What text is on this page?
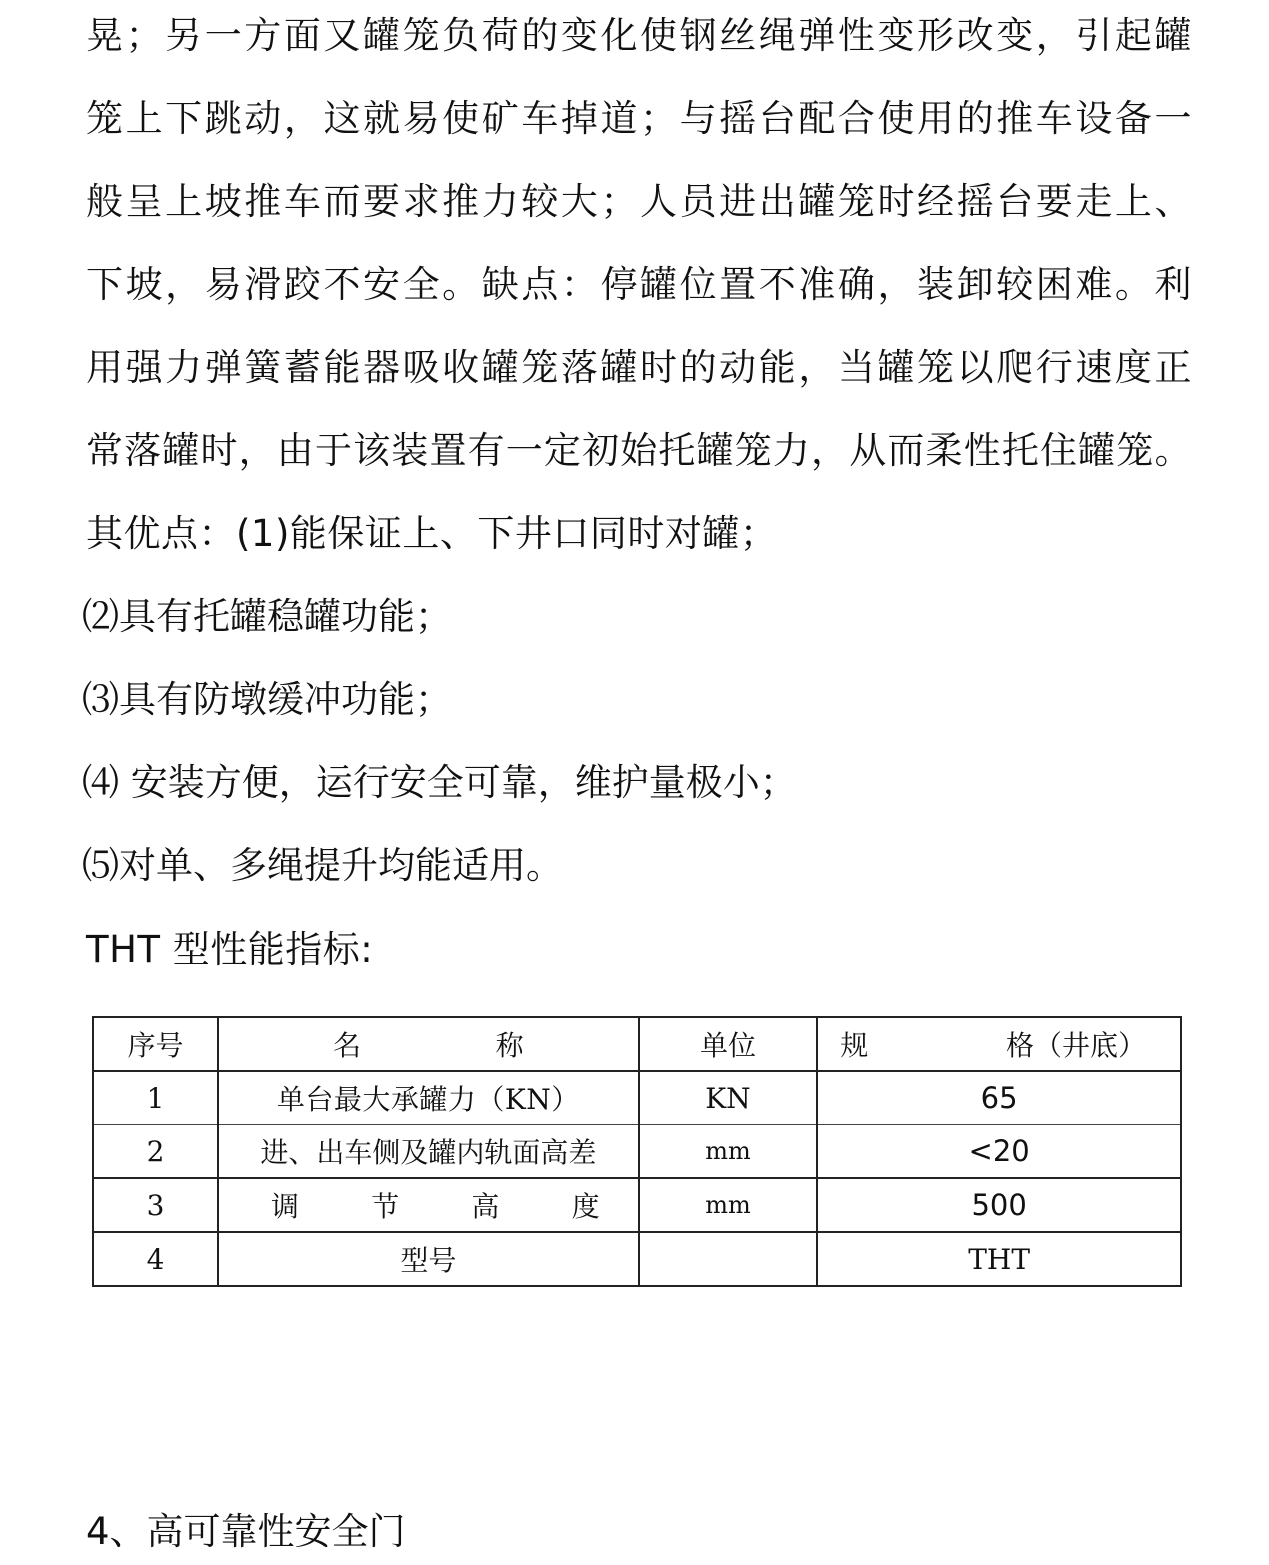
晃；另一方面又罐笼负荷的变化使钢丝绳弹性变形改变，引起罐
笼上下跳动，这就易使矿车掉道；与摇台配合使用的推车设备一
般呈上坡推车而要求推力较大；人员进出罐笼时经摇台要走上、
下坡，易滑跤不安全。缺点：停罐位置不准确，装卸较困难。利
用强力弹簧蓄能器吸收罐笼落罐时的动能，当罐笼以爬行速度正
常落罐时，由于该装置有一定初始托罐笼力，从而柔性托住罐笼。
其优点：(1)能保证上、下井口同时对罐；
⑵具有托罐稳罐功能；
⑶具有防墩缓冲功能；
⑷ 安装方便，运行安全可靠，维护量极小；
⑸对单、多绳提升均能适用。
THT 型性能指标:
序号	名 称	单位	规 格（井底）

1	单台最大承罐力（KN）	KN	65
2	进、出车侧及罐内轨面高差	mm	<20
3	调 节 高 度	mm	500
4	型号		THT
4、高可靠性安全门
